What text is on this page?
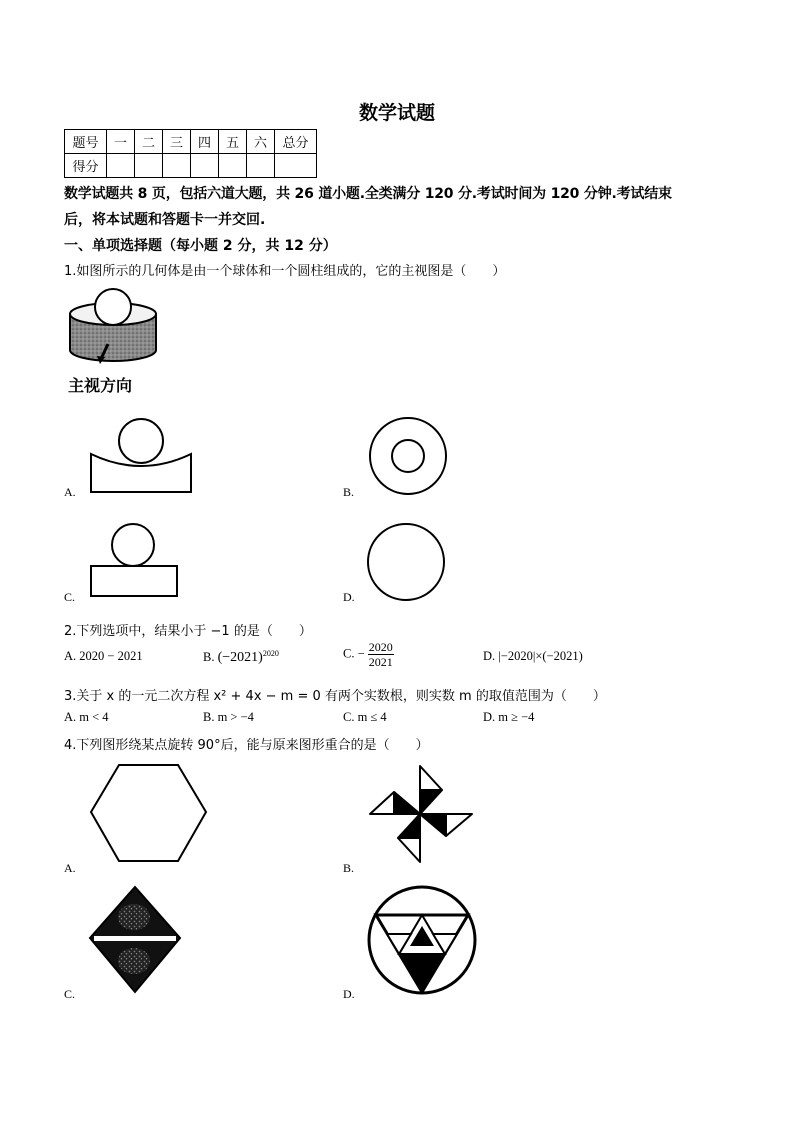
数学试题
题号	一	二	三	四	五	六	总分
得分							
数学试题共 8 页，包括六道大题，共 26 道小题.全类满分 120 分.考试时间为 120 分钟.考试结束
后，将本试题和答题卡一并交回.
一、单项选择题（每小题 2 分，共 12 分）
1.如图所示的几何体是由一个球体和一个圆柱组成的，它的主视图是（　　）
主视方向
A.	B.
C.	D.
2.下列选项中，结果小于 −1 的是（　　）
A. 2020 − 2021	B. $(-2021)^{2020}$	C. − $\frac{2020}{2021}$	D. |−2020|×(−2021)
3.关于 x 的一元二次方程 x² + 4x − m = 0 有两个实数根，则实数 m 的取值范围为（　　）
A. m < 4	B. m > −4	C. m ≤ 4	D. m ≥ −4
4.下列图形绕某点旋转 90°后，能与原来图形重合的是（　　）
A.	B.
C.	D.
